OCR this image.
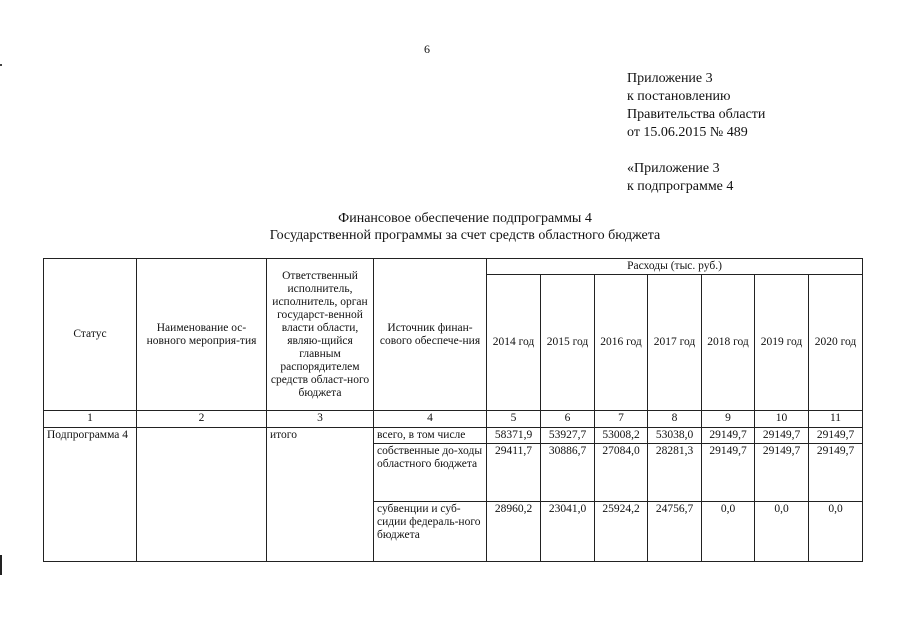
6
Приложение 3
к постановлению
Правительства области
от 15.06.2015 № 489
«Приложение 3
к подпрограмме 4
Финансовое обеспечение подпрограммы 4
Государственной программы за счет средств областного бюджета
Статус	Наименование ос-новного мероприя-тия	Ответственный исполнитель, исполнитель, орган государст-венной власти области, являю-щийся главным распорядителем средств област-ного бюджета	Источник финан-сового обеспече-ния	Расходы (тыс. руб.)						
				2014 год	2015 год	2016 год	2017 год	2018 год	2019 год	2020 год
1	2	3	4	5	6	7	8	9	10	11
Подпрограмма 4		итого	всего, в том числе	58371,9	53927,7	53008,2	53038,0	29149,7	29149,7	29149,7
			собственные до-ходы областного бюджета	29411,7	30886,7	27084,0	28281,3	29149,7	29149,7	29149,7
			субвенции и суб-сидии федераль-ного бюджета	28960,2	23041,0	25924,2	24756,7	0,0	0,0	0,0
